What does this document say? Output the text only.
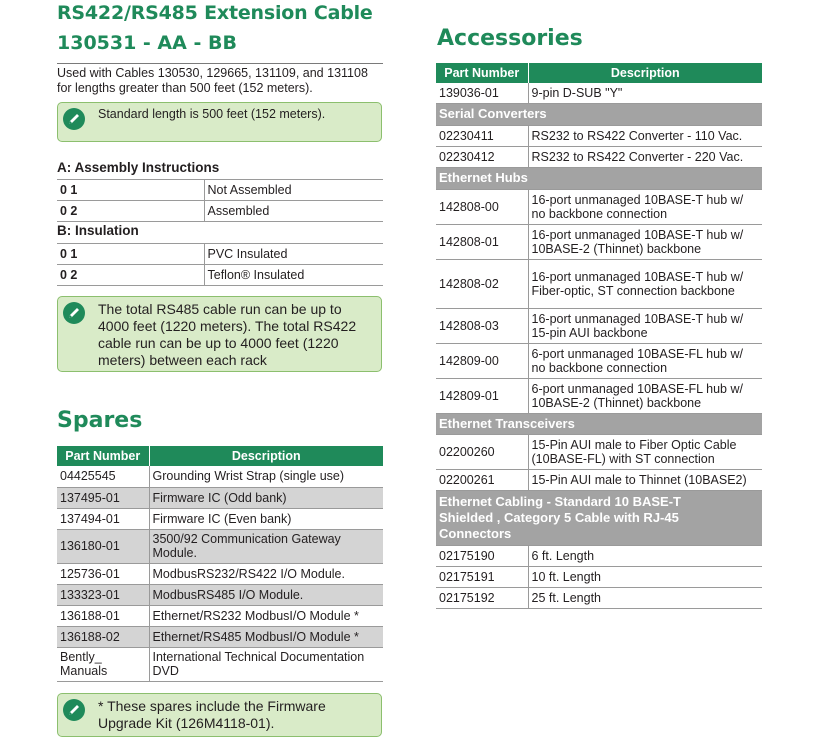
RS422/RS485 Extension Cable
130531 - AA - BB
Used with Cables 130530, 129665, 131109, and 131108 for lengths greater than 500 feet (152 meters).
Standard length is 500 feet (152 meters).
A: Assembly Instructions
0 1	Not Assembled
0 2	Assembled
B: Insulation
0 1	PVC Insulated
0 2	Teflon® Insulated
The total RS485 cable run can be up to 4000 feet (1220 meters). The total RS422 cable run can be up to 4000 feet (1220 meters) between each rack
Spares
Part Number	Description
04425545	Grounding Wrist Strap (single use)
137495-01	Firmware IC (Odd bank)
137494-01	Firmware IC (Even bank)
136180-01	3500/92 Communication Gateway Module.
125736-01	ModbusRS232/RS422 I/O Module.
133323-01	ModbusRS485 I/O Module.
136188-01	Ethernet/RS232 ModbusI/O Module *
136188-02	Ethernet/RS485 ModbusI/O Module *
Bently_ Manuals	International Technical Documentation DVD
* These spares include the Firmware Upgrade Kit (126M4118-01).
Accessories
Part Number	Description
139036-01	9-pin D-SUB "Y"
Serial Converters	
02230411	RS232 to RS422 Converter - 110 Vac.
02230412	RS232 to RS422 Converter - 220 Vac.
Ethernet Hubs	
142808-00	16-port unmanaged 10BASE-T hub w/ no backbone connection
142808-01	16-port unmanaged 10BASE-T hub w/ 10BASE-2 (Thinnet) backbone
142808-02	16-port unmanaged 10BASE-T hub w/ Fiber-optic, ST connection backbone
142808-03	16-port unmanaged 10BASE-T hub w/ 15-pin AUI backbone
142809-00	6-port unmanaged 10BASE-FL hub w/ no backbone connection
142809-01	6-port unmanaged 10BASE-FL hub w/ 10BASE-2 (Thinnet) backbone
Ethernet Transceivers	
02200260	15-Pin AUI male to Fiber Optic Cable (10BASE-FL) with ST connection
02200261	15-Pin AUI male to Thinnet (10BASE2)
Ethernet Cabling - Standard 10 BASE-T Shielded , Category 5 Cable with RJ-45 Connectors	
02175190	6 ft. Length
02175191	10 ft. Length
02175192	25 ft. Length
